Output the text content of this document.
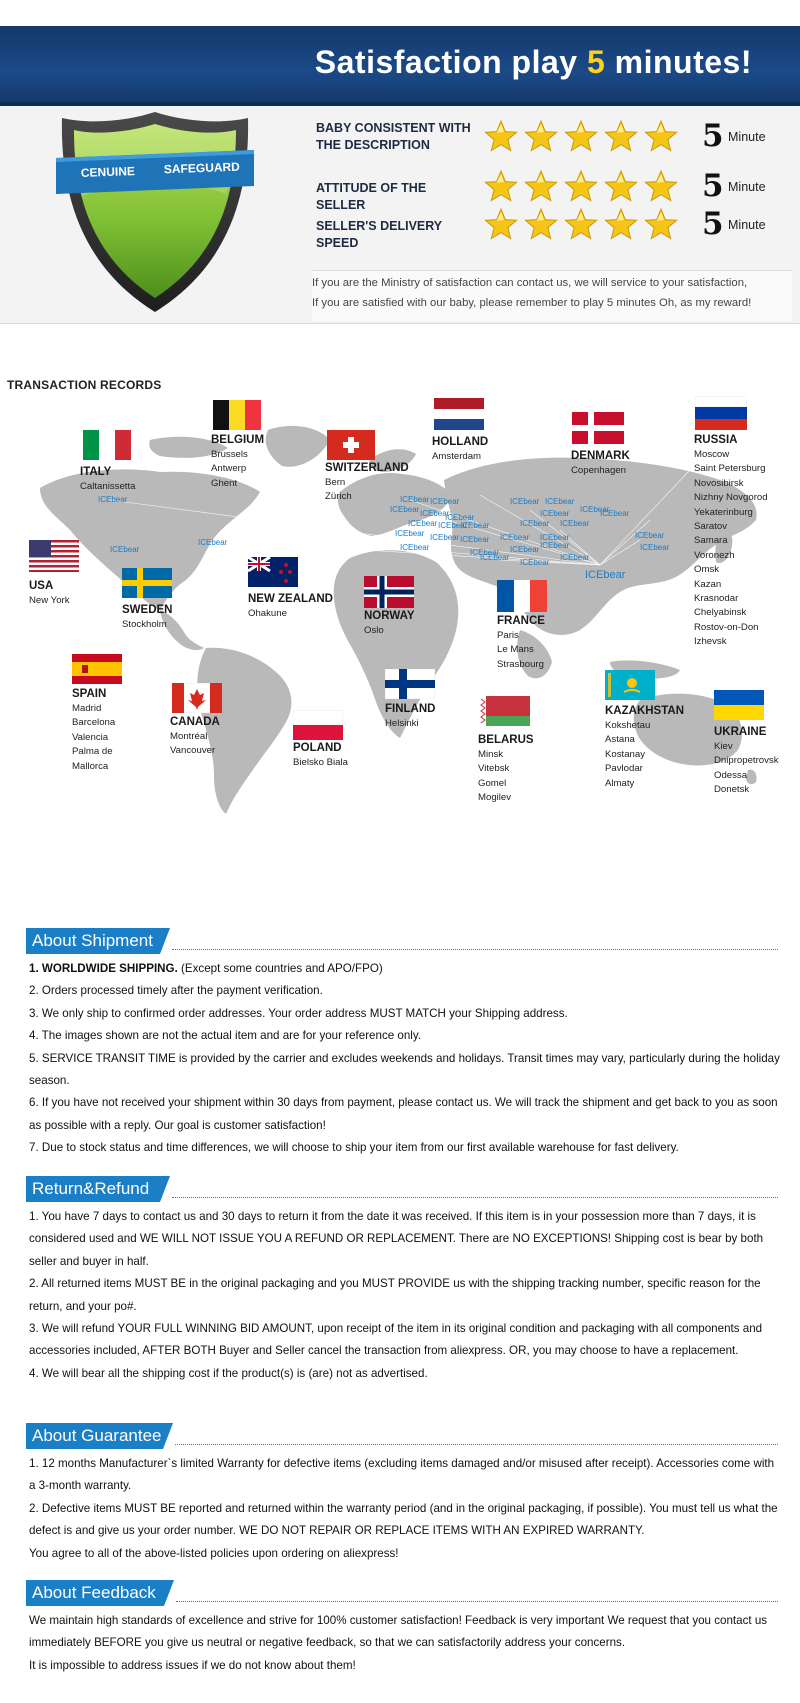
Satisfaction play 5 minutes!
CENUINE SAFEGUARD
BABY CONSISTENT WITH THE DESCRIPTION	5 Minute
ATTITUDE OF THE SELLER
5 Minute
SELLER'S DELIVERY SPEED
5 Minute
If you are the Ministry of satisfaction can contact us, we will service to your satisfaction,
If you are satisfied with our baby, please remember to play 5 minutes Oh, as my reward!
TRANSACTION RECORDS
ICEbear
ICEbear
ICEbear
ICEbear ICEbear
ICEbear ICEbear
ICEbear
ICEbear ICEbear
ICEbear ICEbear ICEbear
ICEbear
ICEbear
ICEbear ICEbear
ICEbear
ICEbear	ICEbear
ICEbear ICEbear
ICEbear ICEbear
ICEbear
ICEbear
ICEbear
ICEbear
ICEbear
ICEbear
ICEbear
ICEbear
ICEbear
ITALY
Caltanissetta
BELGIUM
Brussels
Antwerp
Ghent
SWITZERLAND
Bern
Zürich
HOLLAND
Amsterdam	DENMARK
Copenhagen
RUSSIA
Moscow
Saint Petersburg
Novosibirsk
Nizhny Novgorod
Yekaterinburg
Saratov
Samara
Voronezh
Omsk
Kazan
Krasnodar
Chelyabinsk
Rostov-on-Don
Izhevsk
USA
New York
SWEDEN
Stockholm
NEW ZEALAND
Ohakune	NORWAY
Oslo
FRANCE
Paris
Le Mans
Strasbourg
SPAIN
Madrid
Barcelona
Valencia
Palma de
Mallorca
CANADA
Montréal
Vancouver	POLAND
Bielsko Biala
FINLAND
Helsinki
BELARUS
Minsk
Vitebsk
Gomel
Mogilev
KAZAKHSTAN
Kokshetau
Astana
Kostanay
Pavlodar
Almaty
UKRAINE
Kiev
Dnipropetrovsk
Odessa
Donetsk
About Shipment

1. WORLDWIDE SHIPPING. (Except some countries and APO/FPO)

2. Orders processed timely after the payment verification.

3. We only ship to confirmed order addresses. Your order address MUST MATCH your Shipping address.

4. The images shown are not the actual item and are for your reference only.

5. SERVICE TRANSIT TIME is provided by the carrier and excludes weekends and holidays. Transit times may vary, particularly during the holiday season.

6. If you have not received your shipment within 30 days from payment, please contact us. We will track the shipment and get back to you as soon as possible with a reply. Our goal is customer satisfaction!

7. Due to stock status and time differences, we will choose to ship your item from our first available warehouse for fast delivery.

Return&Refund

1. You have 7 days to contact us and 30 days to return it from the date it was received. If this item is in your possession more than 7 days, it is considered used and WE WILL NOT ISSUE YOU A REFUND OR REPLACEMENT. There are NO EXCEPTIONS! Shipping cost is bear by both seller and buyer in half.

2. All returned items MUST BE in the original packaging and you MUST PROVIDE us with the shipping tracking number, specific reason for the return, and your po#.

3. We will refund YOUR FULL WINNING BID AMOUNT, upon receipt of the item in its original condition and packaging with all components and accessories included, AFTER BOTH Buyer and Seller cancel the transaction from aliexpress. OR, you may choose to have a replacement.

4. We will bear all the shipping cost if the product(s) is (are) not as advertised.

About Guarantee

1. 12 months Manufacturer`s limited Warranty for defective items (excluding items damaged and/or misused after receipt). Accessories come with a 3-month warranty.

2. Defective items MUST BE reported and returned within the warranty period (and in the original packaging, if possible). You must tell us what the defect is and give us your order number. WE DO NOT REPAIR OR REPLACE ITEMS WITH AN EXPIRED WARRANTY.

You agree to all of the above-listed policies upon ordering on aliexpress!

About Feedback

We maintain high standards of excellence and strive for 100% customer satisfaction! Feedback is very important We request that you contact us immediately BEFORE you give us neutral or negative feedback, so that we can satisfactorily address your concerns.

It is impossible to address issues if we do not know about them!
